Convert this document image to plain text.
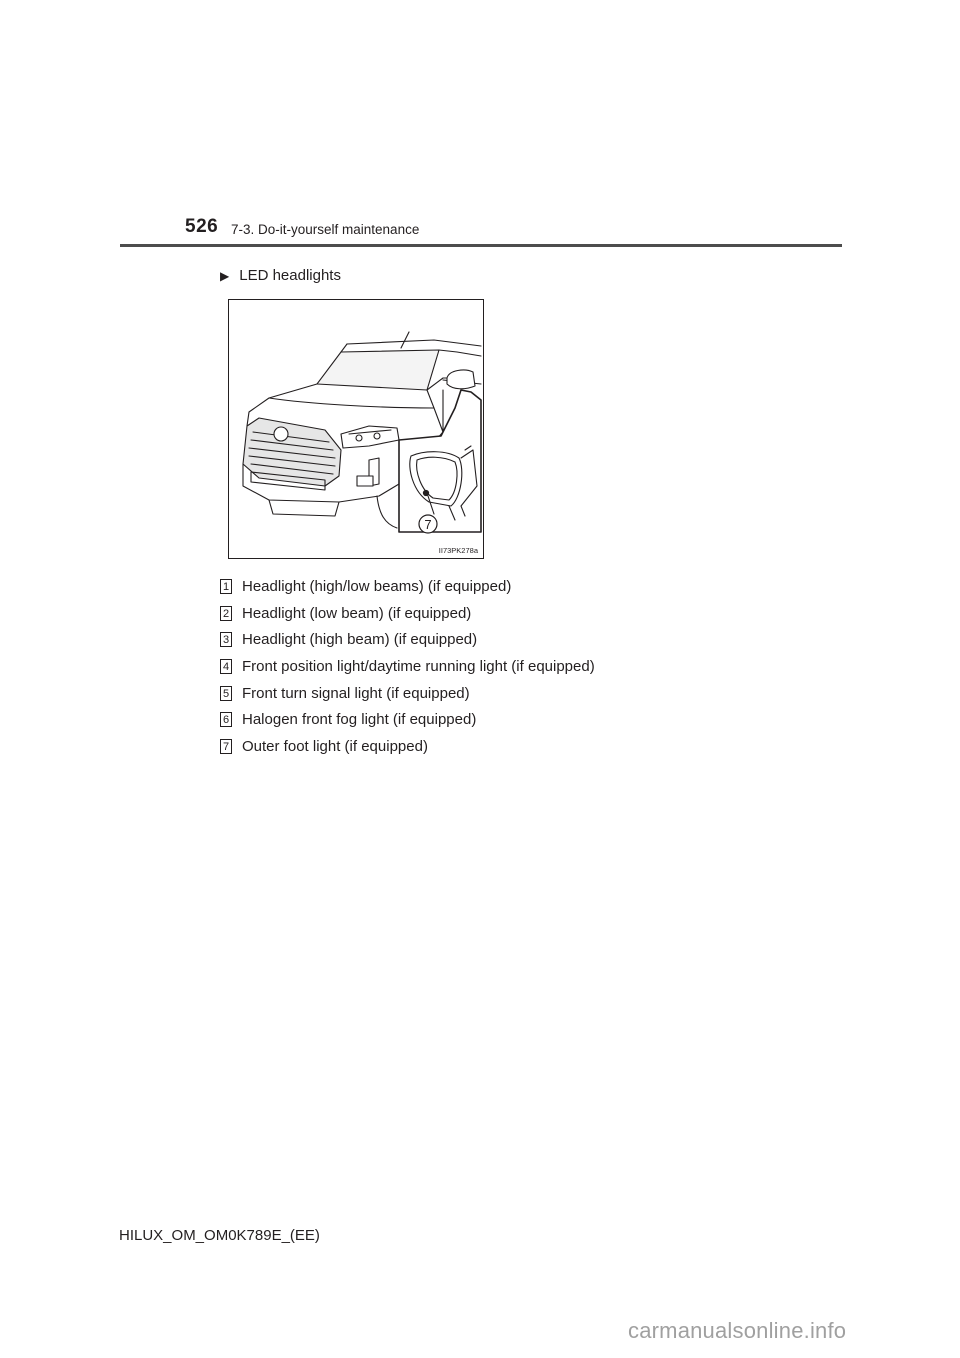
526 7-3. Do-it-yourself maintenance
▶ LED headlights
7
II73PK278a
1 Headlight (high/low beams) (if equipped)
2 Headlight (low beam) (if equipped)
3 Headlight (high beam) (if equipped)
4 Front position light/daytime running light (if equipped)
5 Front turn signal light (if equipped)
6 Halogen front fog light (if equipped)
7 Outer foot light (if equipped)
HILUX_OM_OM0K789E_(EE)
carmanualsonline.info
